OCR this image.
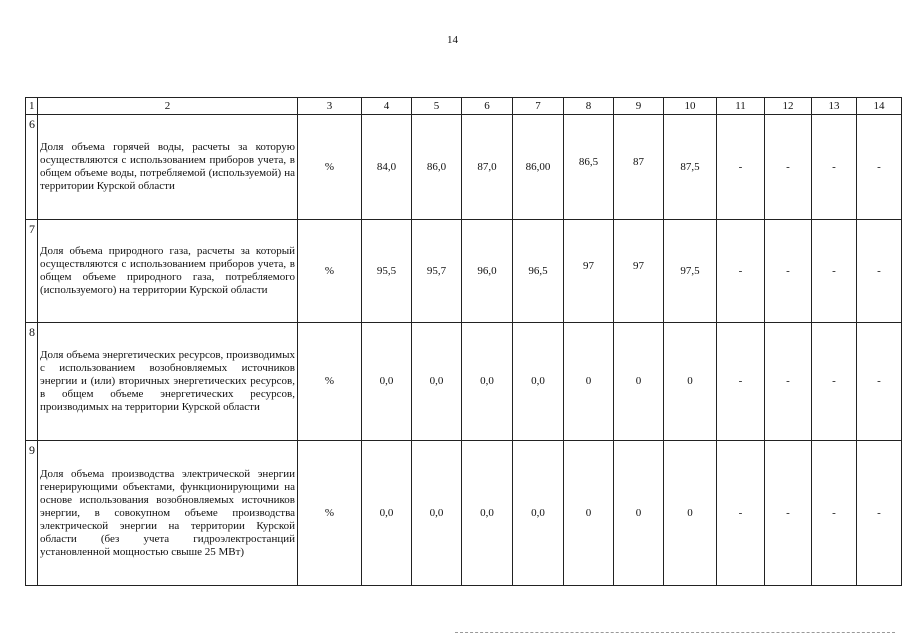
14
1	2	3	4	5	6	7	8	9	10	11	12	13	14
6	Доля объема горячей воды, расчеты за которую осуществляются с использованием приборов учета, в общем объеме воды, потребляемой (используемой) на территории Курской области	%	84,0	86,0	87,0	86,00	86,5	87	87,5	-	-	-	-
7	Доля объема природного газа, расчеты за который осуществляются с использованием приборов учета, в общем объеме природного газа, потребляемого (используемого) на территории Курской области	%	95,5	95,7	96,0	96,5	97	97	97,5	-	-	-	-
8	Доля объема энергетических ресурсов, производимых с использованием возобновляемых источников энергии и (или) вторичных энергетических ресурсов, в общем объеме энергетических ресурсов, производимых на территории Курской области	%	0,0	0,0	0,0	0,0	0	0	0	-	-	-	-
9	Доля объема производства электрической энергии генерирующими объектами, функционирующими на основе использования возобновляемых источников энергии, в совокупном объеме производства электрической энергии на территории Курской области (без учета гидроэлектростанций установленной мощностью свыше 25 МВт)	%	0,0	0,0	0,0	0,0	0	0	0	-	-	-	-
